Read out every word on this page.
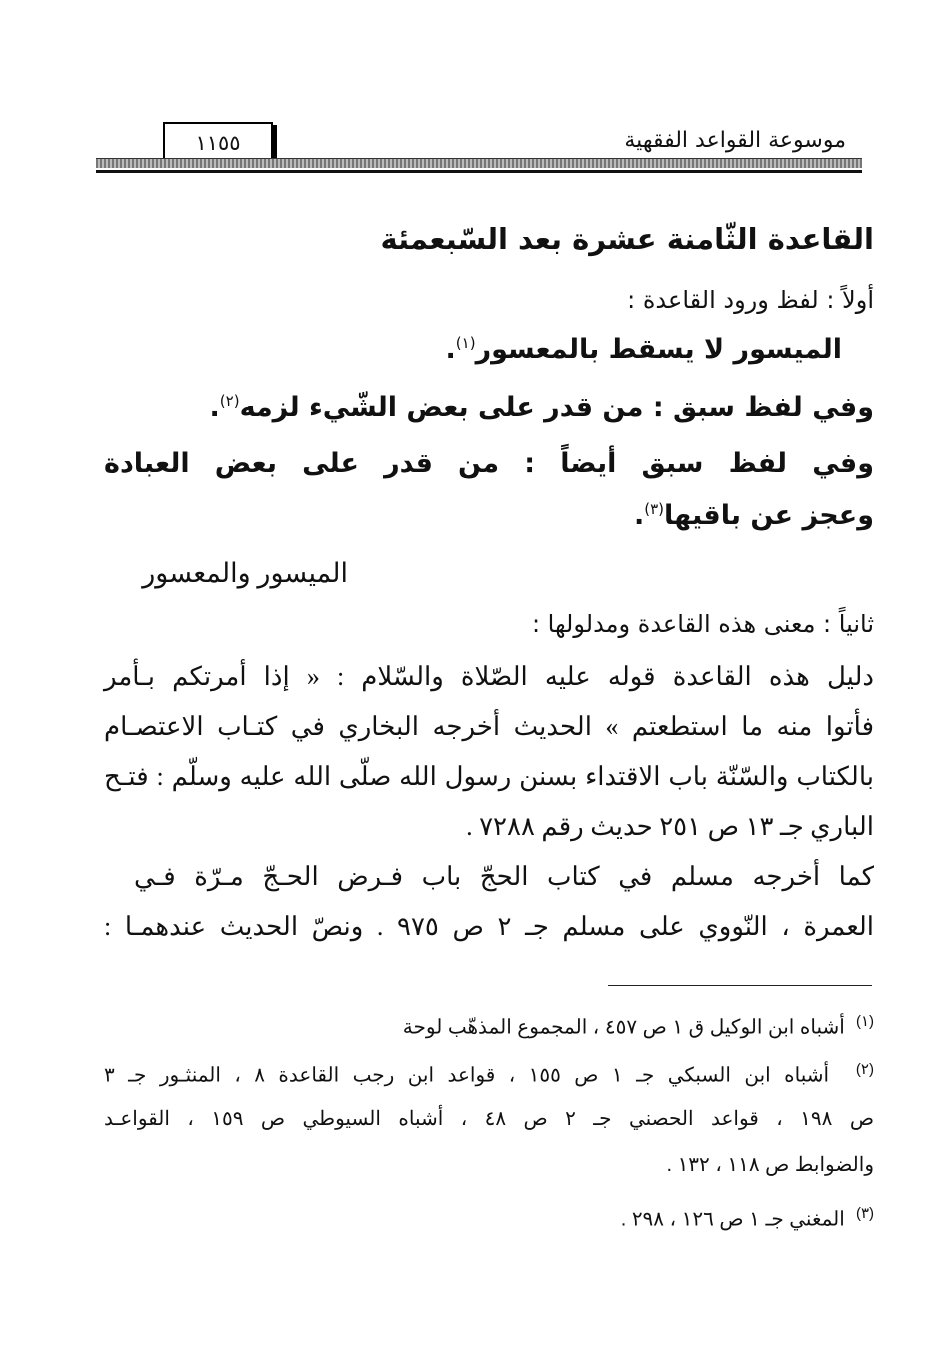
موسوعة القواعد الفقهية
١١٥٥
القاعدة الثّامنة عشرة بعد السّبعمئة
أولاً : لفظ ورود القاعدة :
الميسور لا يسقط بالمعسور$^{(١)}$.
وفي لفظ سبق : من قدر على بعض الشّيء لزمه$^{(٢)}$.
وفي لفظ سبق أيضاً : من قدر على بعض العبادة
وعجز عن باقيها$^{(٣)}$.
الميسور والمعسور
ثانياً : معنى هذه القاعدة ومدلولها :
دليل هذه القاعدة قوله عليه الصّلاة والسّلام : « إذا أمرتكم بـأمر
فأتوا منه ما استطعتم » الحديث أخرجه البخاري في كتـاب الاعتصـام
بالكتاب والسّنّة باب الاقتداء بسنن رسول الله صلّى الله عليه وسلّم : فتـح
الباري جـ ١٣ ص ٢٥١ حديث رقم ٧٢٨٨ .
كما أخرجه مسلم في كتاب الحجّ باب فـرض الحـجّ مـرّة فـي
العمرة ، النّووي على مسلم جـ ٢ ص ٩٧٥ . ونصّ الحديث عندهمـا :
$^{(١)}$  أشباه ابن الوكيل ق ١ ص ٤٥٧ ، المجموع المذهّب لوحة
$^{(٢)}$  أشباه ابن السبكي جـ ١ ص ١٥٥ ، قواعد ابن رجب القاعدة ٨ ، المنثـور جـ ٣
ص ١٩٨ ، قواعد الحصني جـ ٢ ص ٤٨ ، أشباه السيوطي ص ١٥٩ ، القواعـد
والضوابط ص ١١٨ ، ١٣٢ .
$^{(٣)}$  المغني جـ ١ ص ١٢٦ ، ٢٩٨ .
